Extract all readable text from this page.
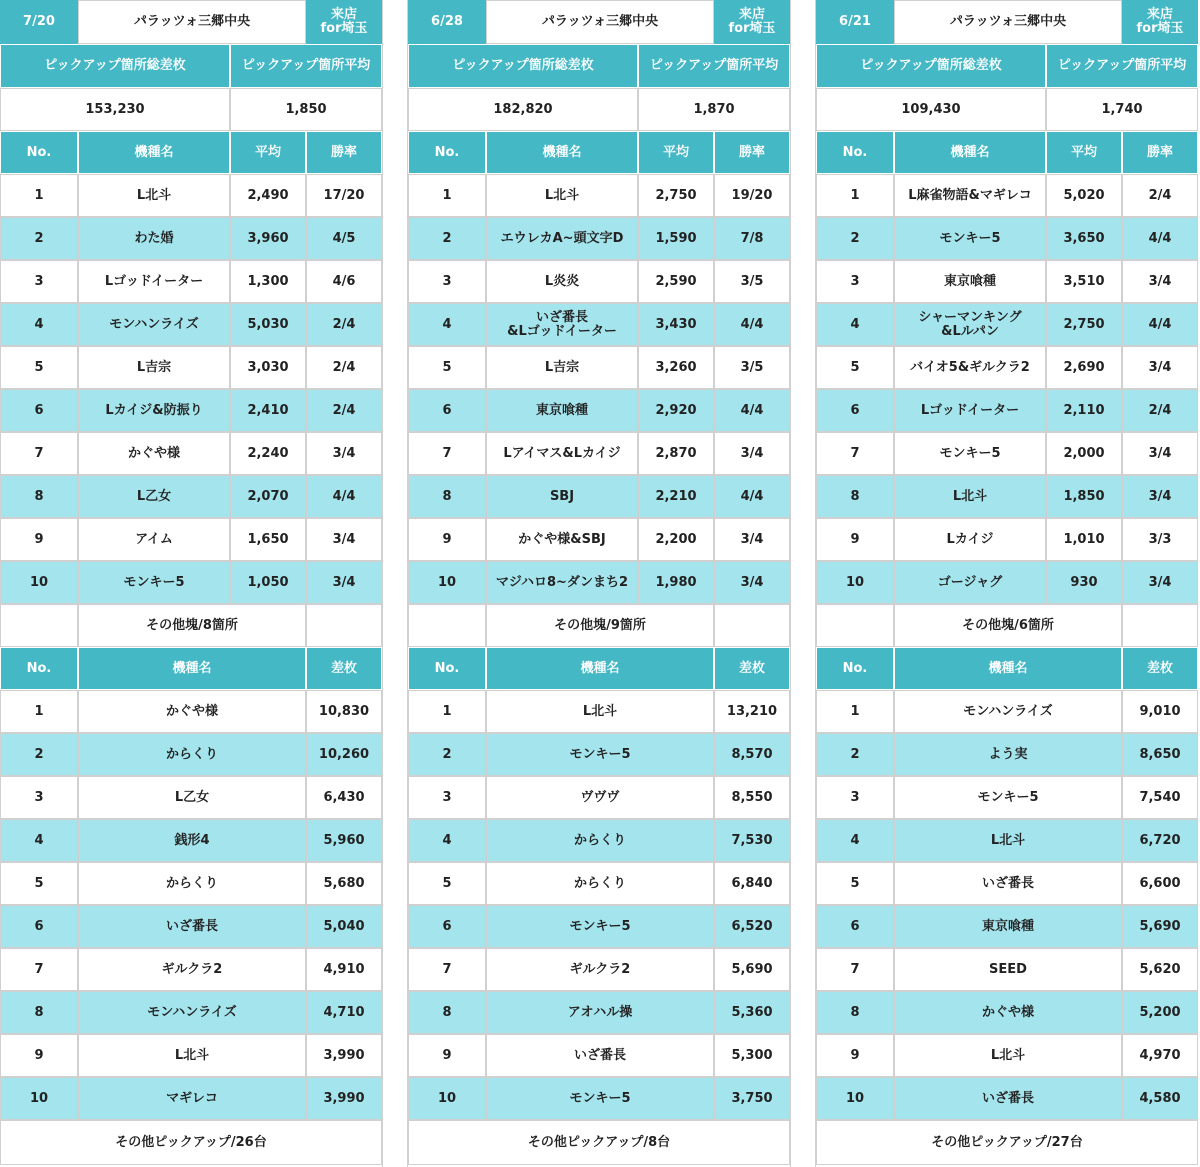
7/20	パラッツォ三郷中央	来店
for埼玉
ピックアップ箇所総差枚	ピックアップ箇所平均
153,230	1,850
No.	機種名	平均	勝率
1	L北斗	2,490	17/20
2	わた婚	3,960	4/5
3	Lゴッドイーター	1,300	4/6
4	モンハンライズ	5,030	2/4
5	L吉宗	3,030	2/4
6	Lカイジ&防振り	2,410	2/4
7	かぐや様	2,240	3/4
8	L乙女	2,070	4/4
9	アイム	1,650	3/4
10	モンキー5	1,050	3/4
その他塊/8箇所
No.	機種名	差枚
1	かぐや様	10,830
2	からくり	10,260
3	L乙女	6,430
4	銭形4	5,960
5	からくり	5,680
6	いざ番長	5,040
7	ギルクラ2	4,910
8	モンハンライズ	4,710
9	L北斗	3,990
10	マギレコ	3,990
その他ピックアップ/26台
6/28	パラッツォ三郷中央	来店
for埼玉
ピックアップ箇所総差枚	ピックアップ箇所平均
182,820	1,870
No.	機種名	平均	勝率
1	L北斗	2,750	19/20
2	エウレカA~頭文字D	1,590	7/8
3	L炎炎	2,590	3/5
4	いざ番長
&Lゴッドイーター	3,430	4/4
5	L吉宗	3,260	3/5
6	東京喰種	2,920	4/4
7	Lアイマス&Lカイジ	2,870	3/4
8	SBJ	2,210	4/4
9	かぐや様&SBJ	2,200	3/4
10	マジハロ8~ダンまち2	1,980	3/4
その他塊/9箇所
No.	機種名	差枚
1	L北斗	13,210
2	モンキー5	8,570
3	ヴヴヴ	8,550
4	からくり	7,530
5	からくり	6,840
6	モンキー5	6,520
7	ギルクラ2	5,690
8	アオハル操	5,360
9	いざ番長	5,300
10	モンキー5	3,750
その他ピックアップ/8台
6/21	パラッツォ三郷中央	来店
for埼玉
ピックアップ箇所総差枚	ピックアップ箇所平均
109,430	1,740
No.	機種名	平均	勝率
1	L麻雀物語&マギレコ	5,020	2/4
2	モンキー5	3,650	4/4
3	東京喰種	3,510	3/4
4	シャーマンキング
&Lルパン	2,750	4/4
5	バイオ5&ギルクラ2	2,690	3/4
6	Lゴッドイーター	2,110	2/4
7	モンキー5	2,000	3/4
8	L北斗	1,850	3/4
9	Lカイジ	1,010	3/3
10	ゴージャグ	930	3/4
その他塊/6箇所
No.	機種名	差枚
1	モンハンライズ	9,010
2	よう実	8,650
3	モンキー5	7,540
4	L北斗	6,720
5	いざ番長	6,600
6	東京喰種	5,690
7	SEED	5,620
8	かぐや様	5,200
9	L北斗	4,970
10	いざ番長	4,580
その他ピックアップ/27台
